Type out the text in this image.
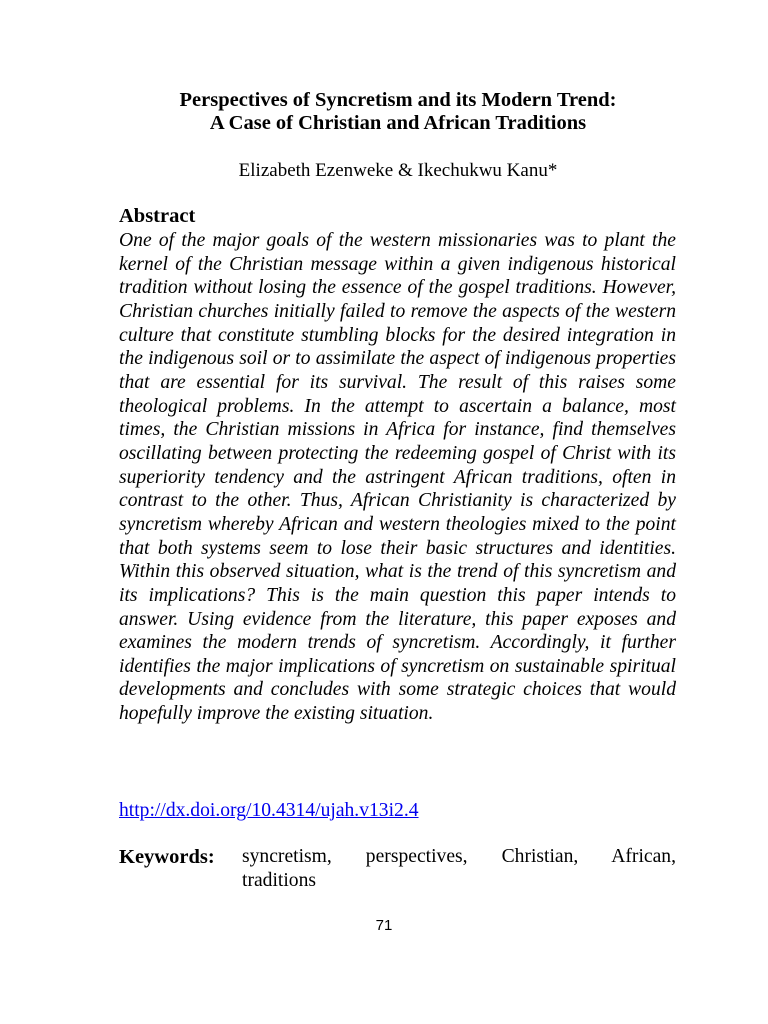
Perspectives of Syncretism and its Modern Trend:
A Case of Christian and African Traditions

Elizabeth Ezenweke & Ikechukwu Kanu*

Abstract

One of the major goals of the western missionaries was to plant the kernel of the Christian message within a given indigenous historical tradition without losing the essence of the gospel traditions. However, Christian churches initially failed to remove the aspects of the western culture that constitute stumbling blocks for the desired integration in the indigenous soil or to assimilate the aspect of indigenous properties that are essential for its survival. The result of this raises some theological problems. In the attempt to ascertain a balance, most times, the Christian missions in Africa for instance, find themselves oscillating between protecting the redeeming gospel of Christ with its superiority tendency and the astringent African traditions, often in contrast to the other. Thus, African Christianity is characterized by syncretism whereby African and western theologies mixed to the point that both systems seem to lose their basic structures and identities. Within this observed situation, what is the trend of this syncretism and its implications? This is the main question this paper intends to answer. Using evidence from the literature, this paper exposes and examines the modern trends of syncretism. Accordingly, it further identifies the major implications of syncretism on sustainable spiritual developments and concludes with some strategic choices that would hopefully improve the existing situation.

http://dx.doi.org/10.4314/ujah.v13i2.4
Keywords:	syncretism, perspectives, Christian, African, traditions

71
